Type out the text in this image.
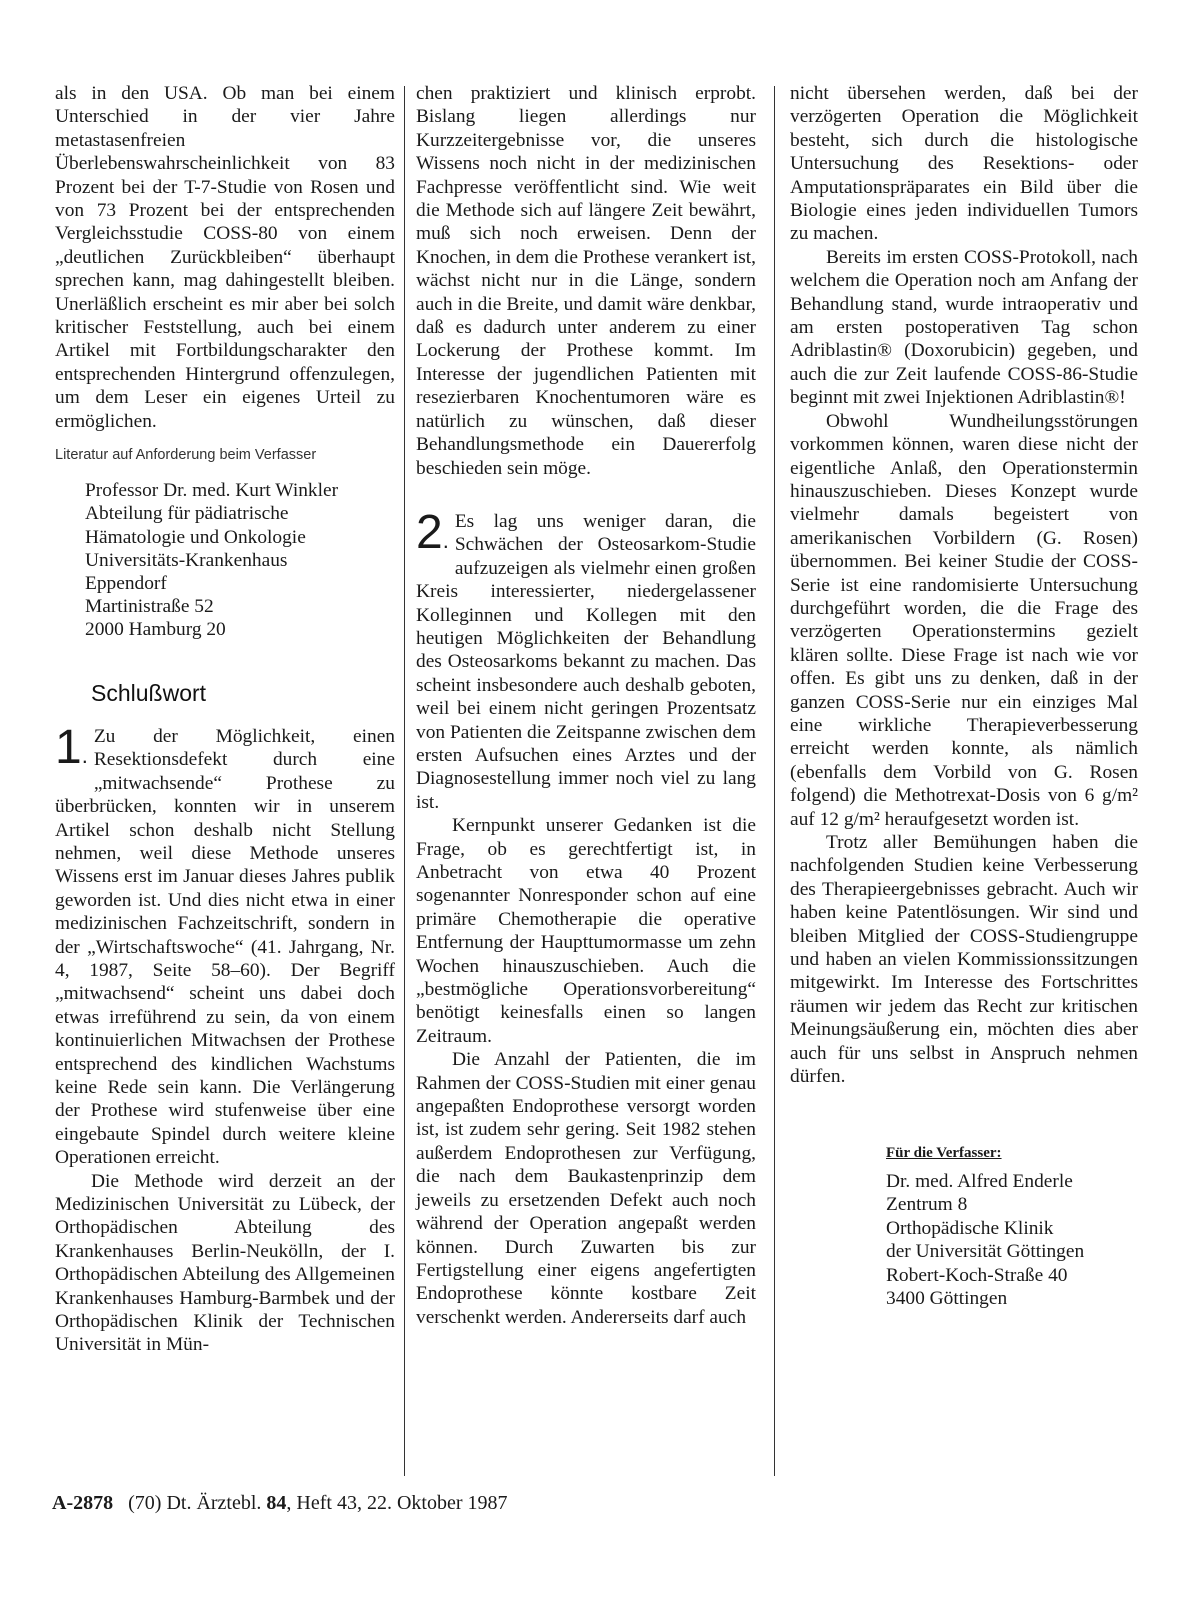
als in den USA. Ob man bei einem Unterschied in der vier Jahre metastasenfreien Überlebenswahrscheinlichkeit von 83 Prozent bei der T-7-Studie von Rosen und von 73 Prozent bei der entsprechenden Vergleichsstudie COSS-80 von einem „deutlichen Zurückbleiben“ überhaupt sprechen kann, mag dahingestellt bleiben. Unerläßlich erscheint es mir aber bei solch kritischer Feststellung, auch bei einem Artikel mit Fortbildungscharakter den entsprechenden Hintergrund offenzulegen, um dem Leser ein eigenes Urteil zu ermöglichen.

Literatur auf Anforderung beim Verfasser
Professor Dr. med. Kurt Winkler
Abteilung für pädiatrische
Hämatologie und Onkologie
Universitäts-Krankenhaus
Eppendorf
Martinistraße 52
2000 Hamburg 20
Schlußwort

1.
Zu der Möglichkeit, einen Resektionsdefekt durch eine „mitwachsende“ Prothese zu überbrücken, konnten wir in unserem Artikel schon deshalb nicht Stellung nehmen, weil diese Methode unseres Wissens erst im Januar dieses Jahres publik geworden ist. Und dies nicht etwa in einer medizinischen Fachzeitschrift, sondern in der „Wirtschaftswoche“ (41. Jahrgang, Nr. 4, 1987, Seite 58–60). Der Begriff „mitwachsend“ scheint uns dabei doch etwas irreführend zu sein, da von einem kontinuierlichen Mitwachsen der Prothese entsprechend des kindlichen Wachstums keine Rede sein kann. Die Verlängerung der Prothese wird stufenweise über eine eingebaute Spindel durch weitere kleine Operationen erreicht.

Die Methode wird derzeit an der Medizinischen Universität zu Lübeck, der Orthopädischen Abteilung des Krankenhauses Berlin-Neukölln, der I. Orthopädischen Abteilung des Allgemeinen Krankenhauses Hamburg-Barmbek und der Orthopädischen Klinik der Technischen Universität in Mün-

chen praktiziert und klinisch erprobt. Bislang liegen allerdings nur Kurzzeitergebnisse vor, die unseres Wissens noch nicht in der medizinischen Fachpresse veröffentlicht sind. Wie weit die Methode sich auf längere Zeit bewährt, muß sich noch erweisen. Denn der Knochen, in dem die Prothese verankert ist, wächst nicht nur in die Länge, sondern auch in die Breite, und damit wäre denkbar, daß es dadurch unter anderem zu einer Lockerung der Prothese kommt. Im Interesse der jugendlichen Patienten mit resezierbaren Knochentumoren wäre es natürlich zu wünschen, daß dieser Behandlungsmethode ein Dauererfolg beschieden sein möge.

2.
Es lag uns weniger daran, die Schwächen der Osteosarkom-Studie aufzuzeigen als vielmehr einen großen Kreis interessierter, niedergelassener Kolleginnen und Kollegen mit den heutigen Möglichkeiten der Behandlung des Osteosarkoms bekannt zu machen. Das scheint insbesondere auch deshalb geboten, weil bei einem nicht geringen Prozentsatz von Patienten die Zeitspanne zwischen dem ersten Aufsuchen eines Arztes und der Diagnosestellung immer noch viel zu lang ist.

Kernpunkt unserer Gedanken ist die Frage, ob es gerechtfertigt ist, in Anbetracht von etwa 40 Prozent sogenannter Nonresponder schon auf eine primäre Chemotherapie die operative Entfernung der Haupttumormasse um zehn Wochen hinauszuschieben. Auch die „bestmögliche Operationsvorbereitung“ benötigt keinesfalls einen so langen Zeitraum.

Die Anzahl der Patienten, die im Rahmen der COSS-Studien mit einer genau angepaßten Endoprothese versorgt worden ist, ist zudem sehr gering. Seit 1982 stehen außerdem Endoprothesen zur Verfügung, die nach dem Baukastenprinzip dem jeweils zu ersetzenden Defekt auch noch während der Operation angepaßt werden können. Durch Zuwarten bis zur Fertigstellung einer eigens angefertigten Endoprothese könnte kostbare Zeit verschenkt werden. Andererseits darf auch

nicht übersehen werden, daß bei der verzögerten Operation die Möglichkeit besteht, sich durch die histologische Untersuchung des Resektions- oder Amputationspräparates ein Bild über die Biologie eines jeden individuellen Tumors zu machen.

Bereits im ersten COSS-Protokoll, nach welchem die Operation noch am Anfang der Behandlung stand, wurde intraoperativ und am ersten postoperativen Tag schon Adriblastin® (Doxorubicin) gegeben, und auch die zur Zeit laufende COSS-86-Studie beginnt mit zwei Injektionen Adriblastin®!

Obwohl Wundheilungsstörungen vorkommen können, waren diese nicht der eigentliche Anlaß, den Operationstermin hinauszuschieben. Dieses Konzept wurde vielmehr damals begeistert von amerikanischen Vorbildern (G. Rosen) übernommen. Bei keiner Studie der COSS-Serie ist eine randomisierte Untersuchung durchgeführt worden, die die Frage des verzögerten Operationstermins gezielt klären sollte. Diese Frage ist nach wie vor offen. Es gibt uns zu denken, daß in der ganzen COSS-Serie nur ein einziges Mal eine wirkliche Therapieverbesserung erreicht werden konnte, als nämlich (ebenfalls dem Vorbild von G. Rosen folgend) die Methotrexat-Dosis von 6 g/m² auf 12 g/m² heraufgesetzt worden ist.

Trotz aller Bemühungen haben die nachfolgenden Studien keine Verbesserung des Therapieergebnisses gebracht. Auch wir haben keine Patentlösungen. Wir sind und bleiben Mitglied der COSS-Studiengruppe und haben an vielen Kommissionssitzungen mitgewirkt. Im Interesse des Fortschrittes räumen wir jedem das Recht zur kritischen Meinungsäußerung ein, möchten dies aber auch für uns selbst in Anspruch nehmen dürfen.

Für die Verfasser:
Dr. med. Alfred Enderle
Zentrum 8
Orthopädische Klinik
der Universität Göttingen
Robert-Koch-Straße 40
3400 Göttingen
A-2878 (70) Dt. Ärztebl. 84, Heft 43, 22. Oktober 1987
